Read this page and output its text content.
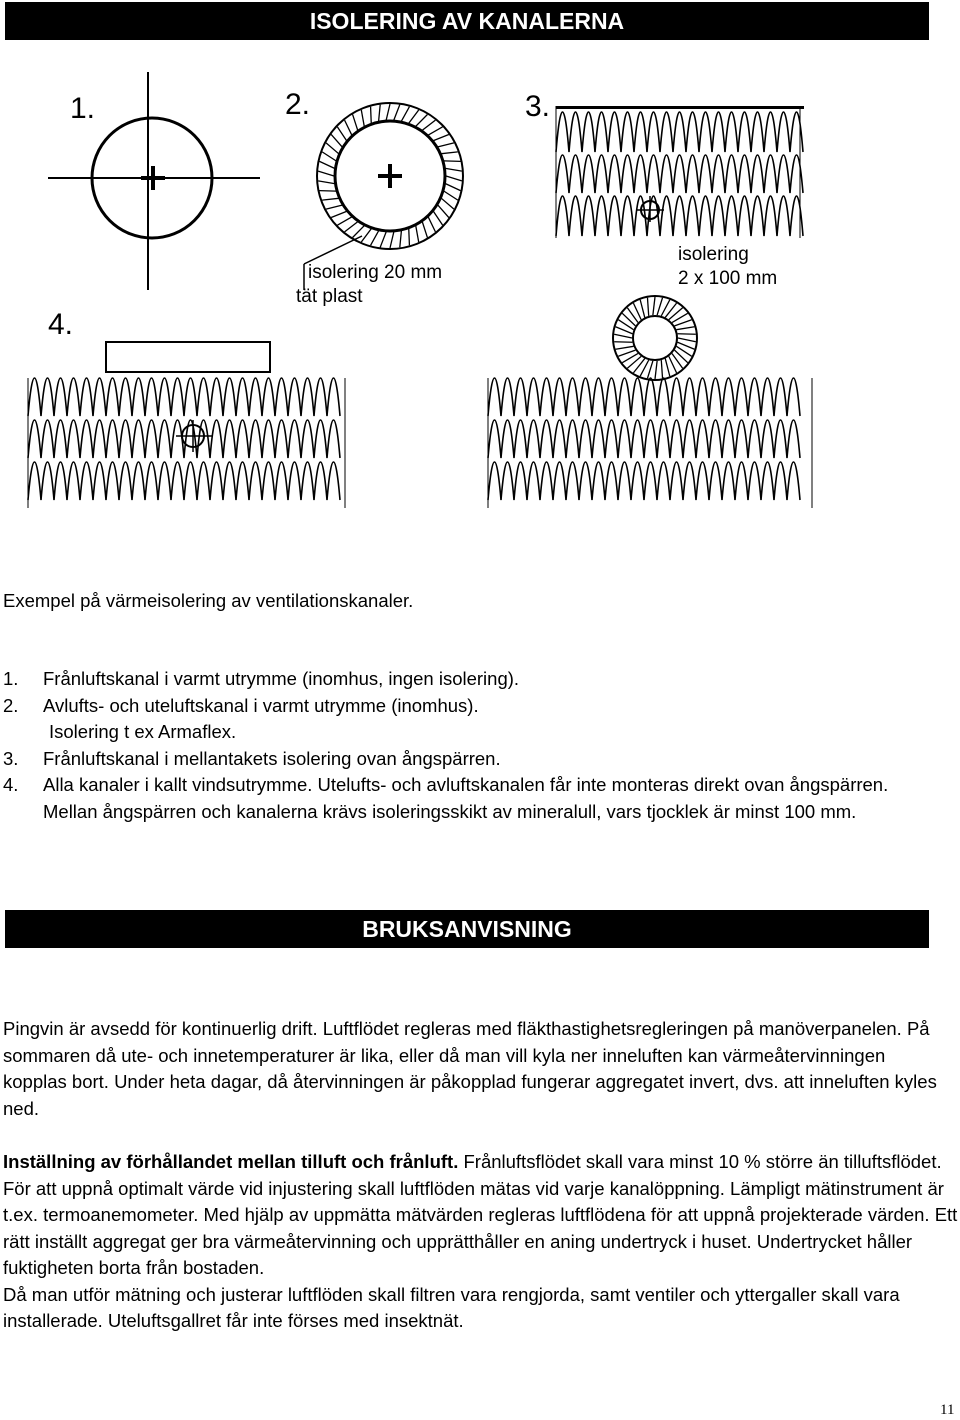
ISOLERING AV KANALERNA
1.	2.	3.
4.
isolering 20 mm
tät plast
isolering
2 x 100 mm

Exempel på värmeisolering av ventilationskanaler.

1.	Frånluftskanal i varmt utrymme (inomhus, ingen isolering).
2.	Avlufts- och uteluftskanal i varmt utrymme (inomhus).
Isolering t ex Armaflex.
3.	Frånluftskanal i mellantakets isolering ovan ångspärren.
4.	Alla kanaler i kallt vindsutrymme. Utelufts- och avluftskanalen får inte monteras direkt ovan ångspärren. Mellan ångspärren och kanalerna krävs isoleringsskikt av mineralull, vars tjocklek är minst 100 mm.
BRUKSANVISNING

Pingvin är avsedd för kontinuerlig drift. Luftflödet regleras med fläkthastighetsregleringen på manöverpanelen. På sommaren då ute- och innetemperaturer är lika, eller då man vill kyla ner inneluften kan värmeåtervinningen kopplas bort. Under heta dagar, då återvinningen är påkopplad fungerar aggregatet invert, dvs. att inneluften kyles ned.

Inställning av förhållandet mellan tilluft och frånluft. Frånluftsflödet skall vara minst 10 % större än tilluftsflödet. För att uppnå optimalt värde vid injustering skall luftflöden mätas vid varje kanalöppning. Lämpligt mätinstrument är t.ex. termoanemometer. Med hjälp av uppmätta mätvärden regleras luftflödena för att uppnå projekterade värden. Ett rätt inställt aggregat ger bra värmeåtervinning och upprätthåller en aning undertryck i huset. Undertrycket håller fuktigheten borta från bostaden.
Då man utför mätning och justerar luftflöden skall filtren vara rengjorda, samt ventiler och yttergaller skall vara installerade. Uteluftsgallret får inte förses med insektnät.

11
